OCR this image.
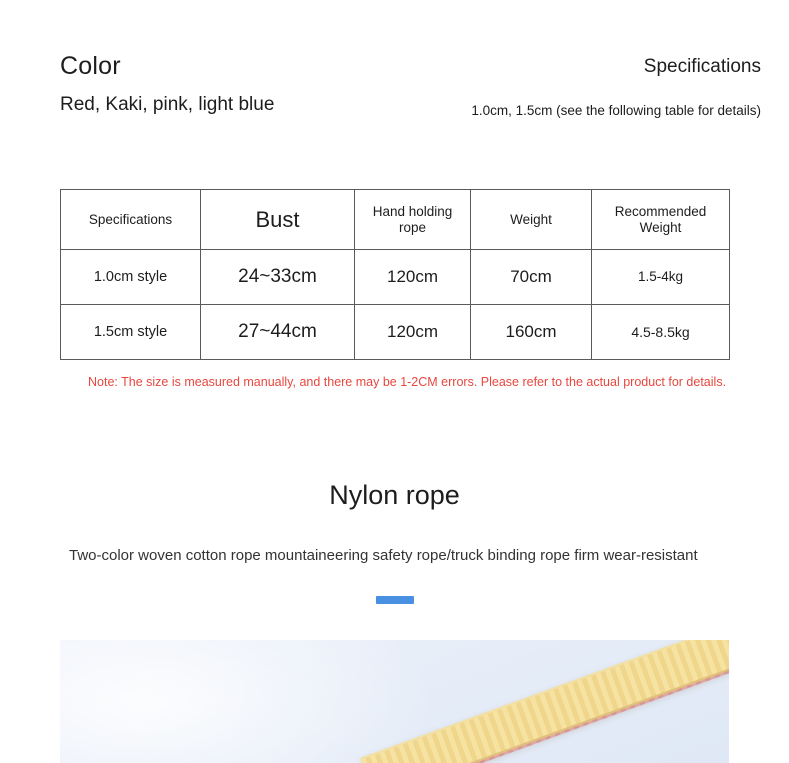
Color
Red, Kaki, pink, light blue
Specifications
1.0cm, 1.5cm (see the following table for details)
Specifications	Bust	Hand holding rope	Weight	Recommended Weight
1.0cm style	24~33cm	120cm	70cm	1.5-4kg
1.5cm style	27~44cm	120cm	160cm	4.5-8.5kg
Note: The size is measured manually, and there may be 1-2CM errors. Please refer to the actual product for details.
Nylon rope
Two-color woven cotton rope mountaineering safety rope/truck binding rope firm wear-resistant
